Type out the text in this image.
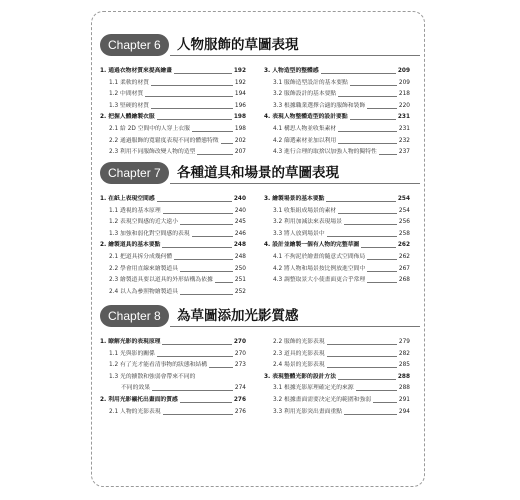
Chapter 6	人物服飾的草圖表現
1. 通過衣物材質來提高繪畫	192
1.1 柔軟的材質	192
1.2 中間材質	194
1.3 堅硬的材質	196
2. 把握人體繪製衣服	198
2.1 給 2D 空間中的人穿上衣服	198
2.2 通過服飾的寬鬆度表現不同的體態特徵	202
2.3 利用不同服飾改變人物的造型	207
3. 人物造型的整體感	209
3.1 服飾造型設計的基本要點	209
3.2 服飾設計的基本要點	218
3.3 根據職業選擇合適的服飾和裝飾	220
4. 表現人物整體造型的設計要點	231
4.1 構思人物並收集素材	231
4.2 篩選素材並加以利用	232
4.3 進行合理的取捨以加強人物的獨特性	237
Chapter 7	各種道具和場景的草圖表現
1. 在紙上表現空間感	240
1.1 透視的基本原理	240
1.2 表現空間感的近大遠小	245
1.3 加強和弱化對空間感的表現	246
2. 繪製道具的基本要點	248
2.1 把道具拆分成幾何體	248
2.2 學會用直線來繪製道具	250
2.3 繪製道具要以道具的外形結構為依據	251
2.4 以人為參照物繪製道具	252
3. 繪製場景的基本要點	254
3.1 收集組成場景的素材	254
3.2 利用加減法來表現場景	256
3.3 將人放到場景中	258
4. 設計並繪製一個有人物的完整草圖	262
4.1 不拘泥於繪畫的隨意式空間佈局	262
4.2 將人物和場景按比例放進空間中	267
4.3 調整取景大小使畫面更合乎常理	268
Chapter 8	為草圖添加光影質感
1. 瞭解光影的表現原理	270
1.1 光與影的關係	270
1.2 有了光才能看清事物的狀態和結構	273
1.3 光的擴散和強弱會帶來不同的
不同的效果	274
2. 利用光影襯托出畫面的質感	276
2.1 人物的光影表現	276
2.2 服飾的光影表現	279
2.3 道具的光影表現	282
2.4 場景的光影表現	285
3. 表現整體光影的設計方法	288
3.1 根據光影原理確定光的來源	288
3.2 根據畫面需要決定光的範圍和強弱	291
3.3 利用光影突出畫面重點	294
